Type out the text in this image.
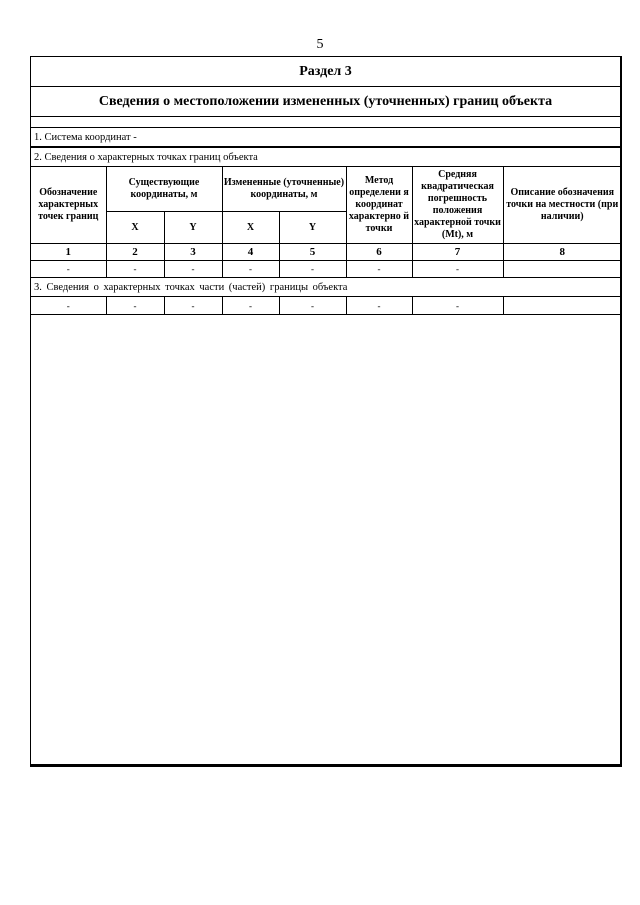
5
Раздел 3
Сведения о местоположении измененных (уточненных) границ объекта
1. Система координат -
2. Сведения о характерных точках границ объекта
Обозначение характерных точек границ	Существующие координаты, м		Измененные (уточненные) координаты, м		Метод определени я координат характерно й точки	Средняя квадратическая погрешность положения характерной точки (Mt), м	Описание обозначения точки на местности (при наличии)
	X	Y	X	Y			
1	2	3	4	5	6	7	8
-	-	-	-	-	-	-	
3. Сведения о характерных точках части (частей) границы объекта
-	-	-	-	-	-	-	
